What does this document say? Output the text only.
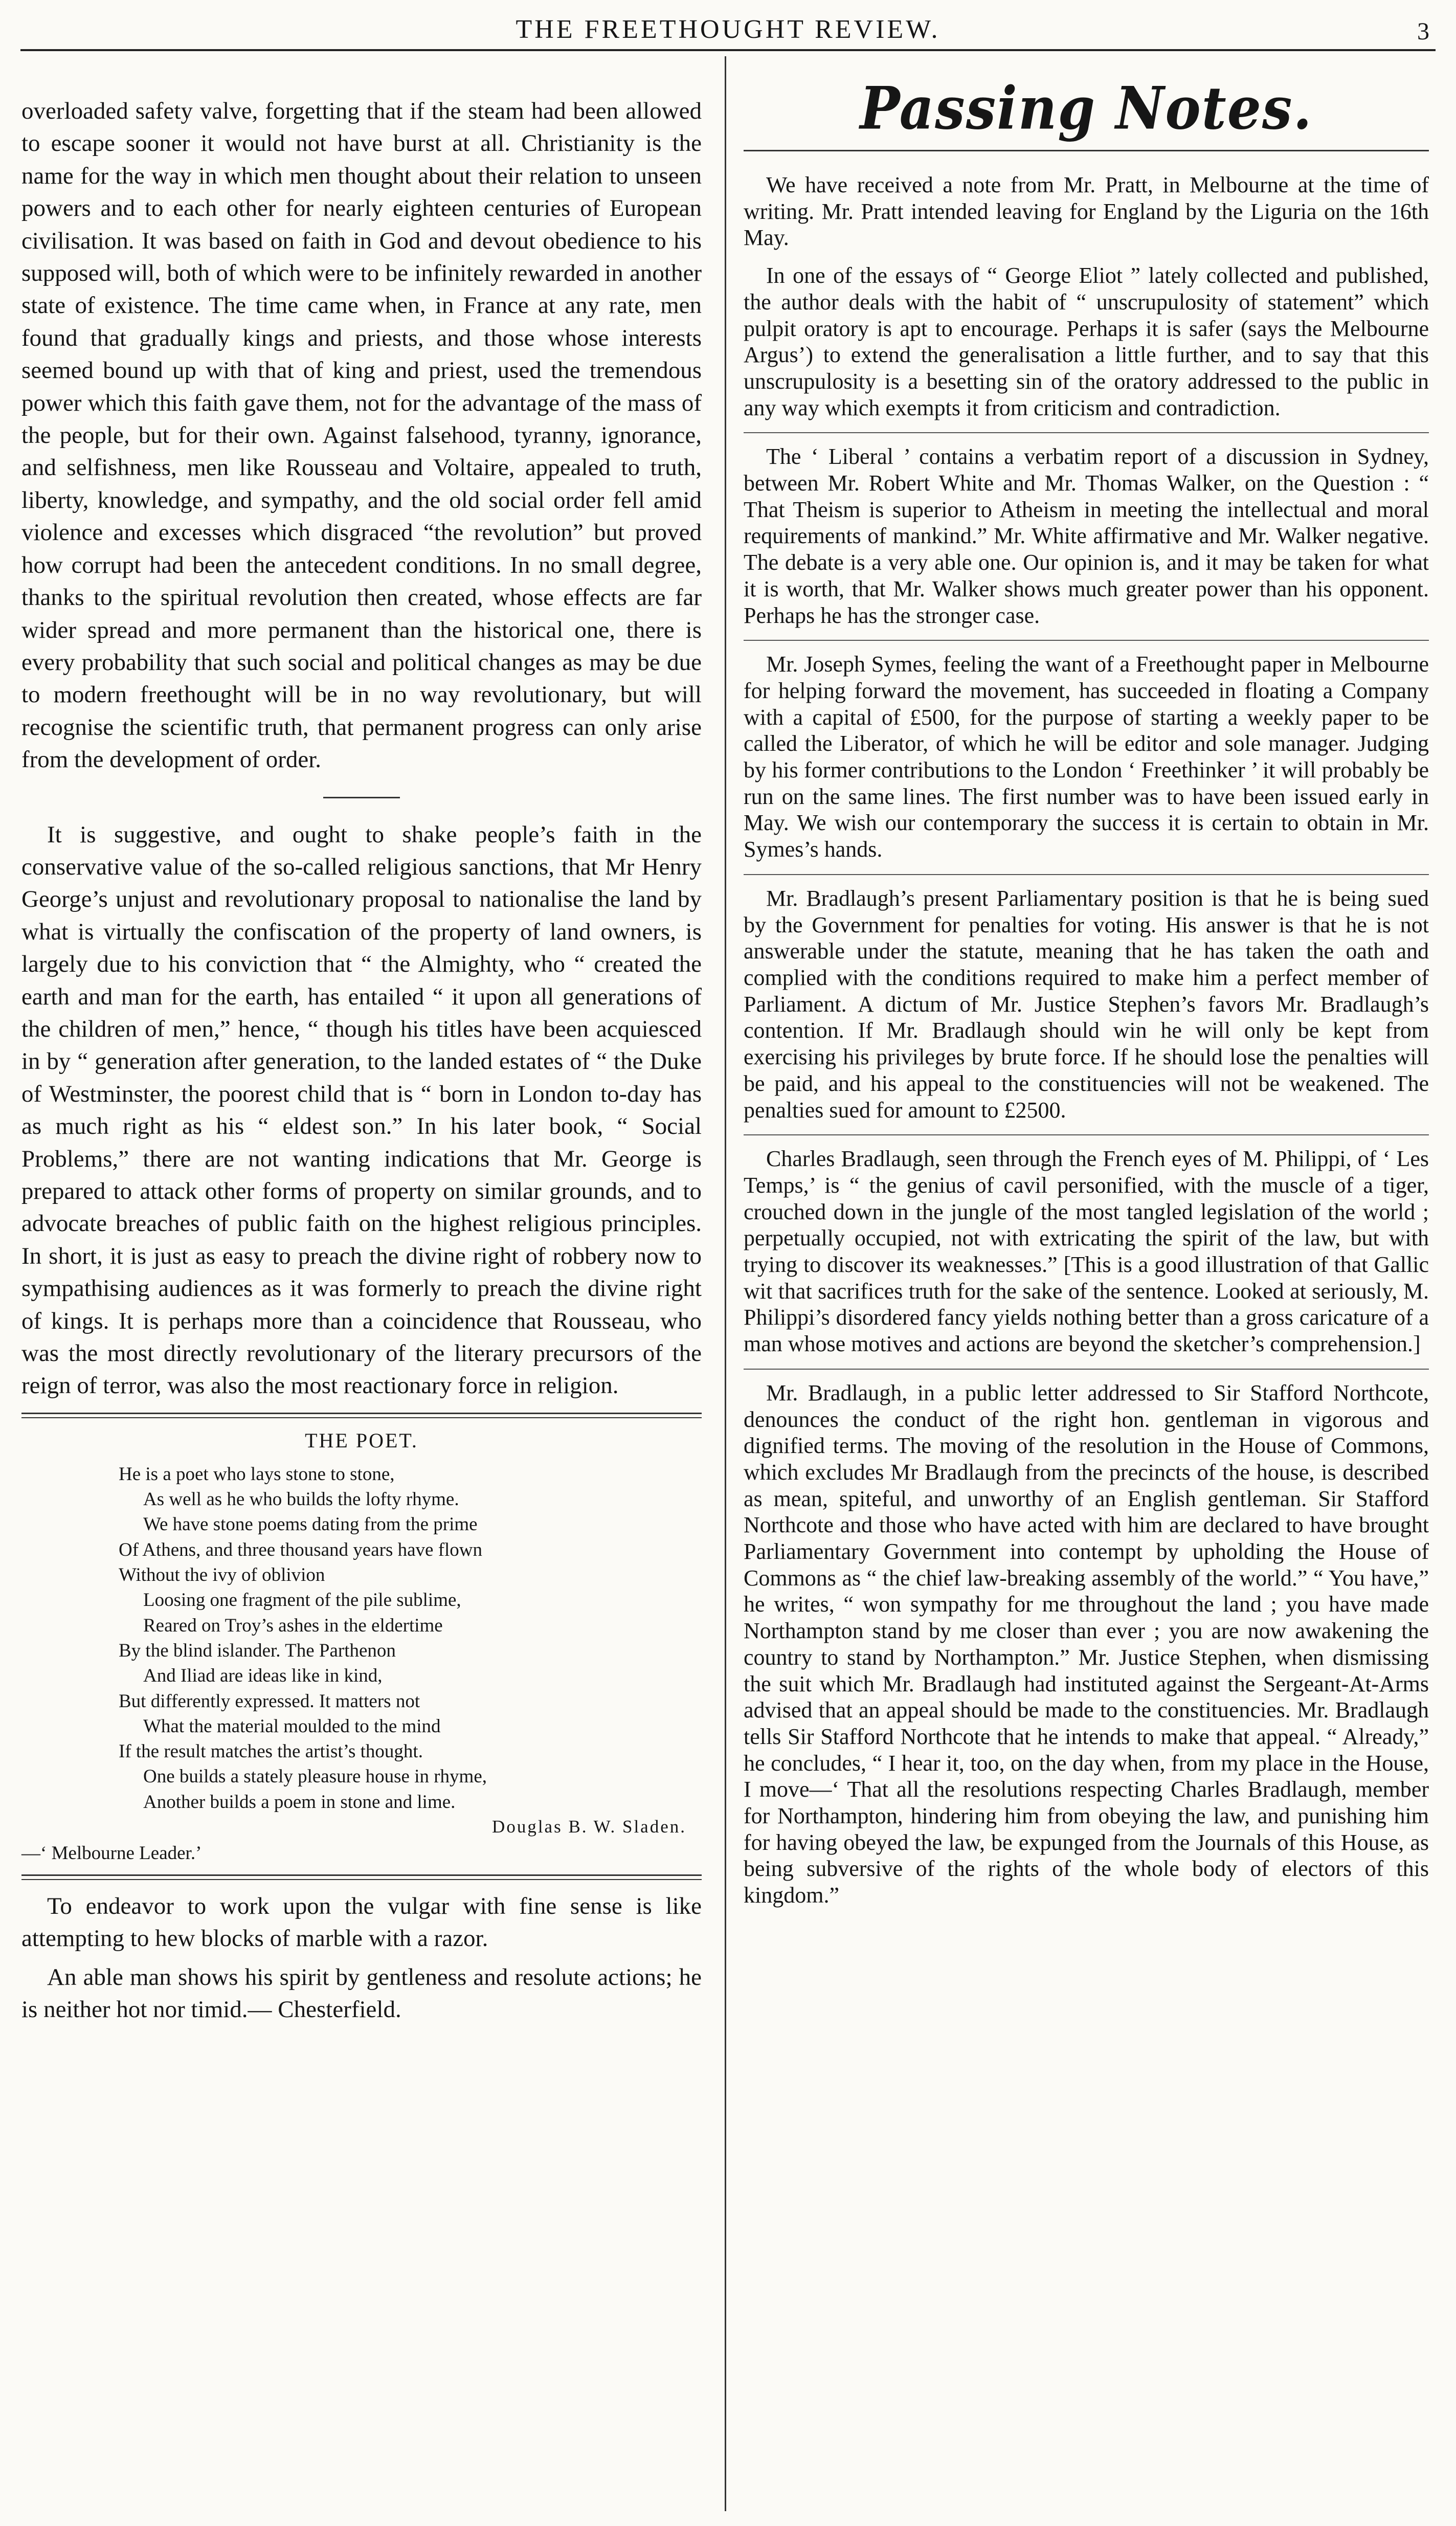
THE FREETHOUGHT REVIEW.	3

overloaded safety valve, forgetting that if the steam had been allowed to escape sooner it would not have burst at all. Christianity is the name for the way in which men thought about their relation to unseen powers and to each other for nearly eighteen centuries of European civilisation. It was based on faith in God and devout obedience to his supposed will, both of which were to be infinitely rewarded in another state of existence. The time came when, in France at any rate, men found that gradually kings and priests, and those whose interests seemed bound up with that of king and priest, used the tremendous power which this faith gave them, not for the advantage of the mass of the people, but for their own. Against falsehood, tyranny, ignorance, and selfishness, men like Rousseau and Voltaire, appealed to truth, liberty, knowledge, and sympathy, and the old social order fell amid violence and excesses which disgraced “the revolution” but proved how corrupt had been the antecedent conditions. In no small degree, thanks to the spiritual revolution then created, whose effects are far wider spread and more permanent than the historical one, there is every probability that such social and political changes as may be due to modern freethought will be in no way revolutionary, but will recognise the scientific truth, that permanent progress can only arise from the development of order.

It is suggestive, and ought to shake people’s faith in the conservative value of the so-called religious sanctions, that Mr Henry George’s unjust and revolutionary proposal to nationalise the land by what is virtually the confiscation of the property of land owners, is largely due to his conviction that “ the Almighty, who “ created the earth and man for the earth, has entailed “ it upon all generations of the children of men,” hence, “ though his titles have been acquiesced in by “ generation after generation, to the landed estates of “ the Duke of Westminster, the poorest child that is “ born in London to-day has as much right as his “ eldest son.” In his later book, “ Social Problems,” there are not wanting indications that Mr. George is prepared to attack other forms of property on similar grounds, and to advocate breaches of public faith on the highest religious principles. In short, it is just as easy to preach the divine right of robbery now to sympathising audiences as it was formerly to preach the divine right of kings. It is perhaps more than a coincidence that Rousseau, who was the most directly revolutionary of the literary precursors of the reign of terror, was also the most reactionary force in religion.

THE POET.
He is a poet who lays stone to stone,
As well as he who builds the lofty rhyme.
We have stone poems dating from the prime
Of Athens, and three thousand years have flown
Without the ivy of oblivion
Loosing one fragment of the pile sublime,
Reared on Troy’s ashes in the eldertime
By the blind islander. The Parthenon
And Iliad are ideas like in kind,
But differently expressed. It matters not
What the material moulded to the mind
If the result matches the artist’s thought.
One builds a stately pleasure house in rhyme,
Another builds a poem in stone and lime.
Douglas B. W. Sladen.
—‘ Melbourne Leader.’

To endeavor to work upon the vulgar with fine sense is like attempting to hew blocks of marble with a razor.

An able man shows his spirit by gentleness and resolute actions; he is neither hot nor timid.— Chesterfield.

Passing Notes.

We have received a note from Mr. Pratt, in Melbourne at the time of writing. Mr. Pratt intended leaving for England by the Liguria on the 16th May.

In one of the essays of “ George Eliot ” lately collected and published, the author deals with the habit of “ unscrupulosity of statement” which pulpit oratory is apt to encourage. Perhaps it is safer (says the Melbourne Argus’) to extend the generalisation a little further, and to say that this unscrupulosity is a besetting sin of the oratory addressed to the public in any way which exempts it from criticism and contradiction.

The ‘ Liberal ’ contains a verbatim report of a discussion in Sydney, between Mr. Robert White and Mr. Thomas Walker, on the Question : “ That Theism is superior to Atheism in meeting the intellectual and moral requirements of mankind.” Mr. White affirmative and Mr. Walker negative. The debate is a very able one. Our opinion is, and it may be taken for what it is worth, that Mr. Walker shows much greater power than his opponent. Perhaps he has the stronger case.

Mr. Joseph Symes, feeling the want of a Freethought paper in Melbourne for helping forward the movement, has succeeded in floating a Company with a capital of £500, for the purpose of starting a weekly paper to be called the Liberator, of which he will be editor and sole manager. Judging by his former contributions to the London ‘ Freethinker ’ it will probably be run on the same lines. The first number was to have been issued early in May. We wish our contemporary the success it is certain to obtain in Mr. Symes’s hands.

Mr. Bradlaugh’s present Parliamentary position is that he is being sued by the Government for penalties for voting. His answer is that he is not answerable under the statute, meaning that he has taken the oath and complied with the conditions required to make him a perfect member of Parliament. A dictum of Mr. Justice Stephen’s favors Mr. Bradlaugh’s contention. If Mr. Bradlaugh should win he will only be kept from exercising his privileges by brute force. If he should lose the penalties will be paid, and his appeal to the constituencies will not be weakened. The penalties sued for amount to £2500.

Charles Bradlaugh, seen through the French eyes of M. Philippi, of ‘ Les Temps,’ is “ the genius of cavil personified, with the muscle of a tiger, crouched down in the jungle of the most tangled legislation of the world ; perpetually occupied, not with extricating the spirit of the law, but with trying to discover its weaknesses.” [This is a good illustration of that Gallic wit that sacrifices truth for the sake of the sentence. Looked at seriously, M. Philippi’s disordered fancy yields nothing better than a gross caricature of a man whose motives and actions are beyond the sketcher’s comprehension.]

Mr. Bradlaugh, in a public letter addressed to Sir Stafford Northcote, denounces the conduct of the right hon. gentleman in vigorous and dignified terms. The moving of the resolution in the House of Commons, which excludes Mr Bradlaugh from the precincts of the house, is described as mean, spiteful, and unworthy of an English gentleman. Sir Stafford Northcote and those who have acted with him are declared to have brought Parliamentary Government into contempt by upholding the House of Commons as “ the chief law-breaking assembly of the world.” “ You have,” he writes, “ won sympathy for me throughout the land ; you have made Northampton stand by me closer than ever ; you are now awakening the country to stand by Northampton.” Mr. Justice Stephen, when dismissing the suit which Mr. Bradlaugh had instituted against the Sergeant-At-Arms advised that an appeal should be made to the constituencies. Mr. Bradlaugh tells Sir Stafford Northcote that he intends to make that appeal. “ Already,” he concludes, “ I hear it, too, on the day when, from my place in the House, I move—‘ That all the resolutions respecting Charles Bradlaugh, member for Northampton, hindering him from obeying the law, and punishing him for having obeyed the law, be expunged from the Journals of this House, as being subversive of the rights of the whole body of electors of this kingdom.”
